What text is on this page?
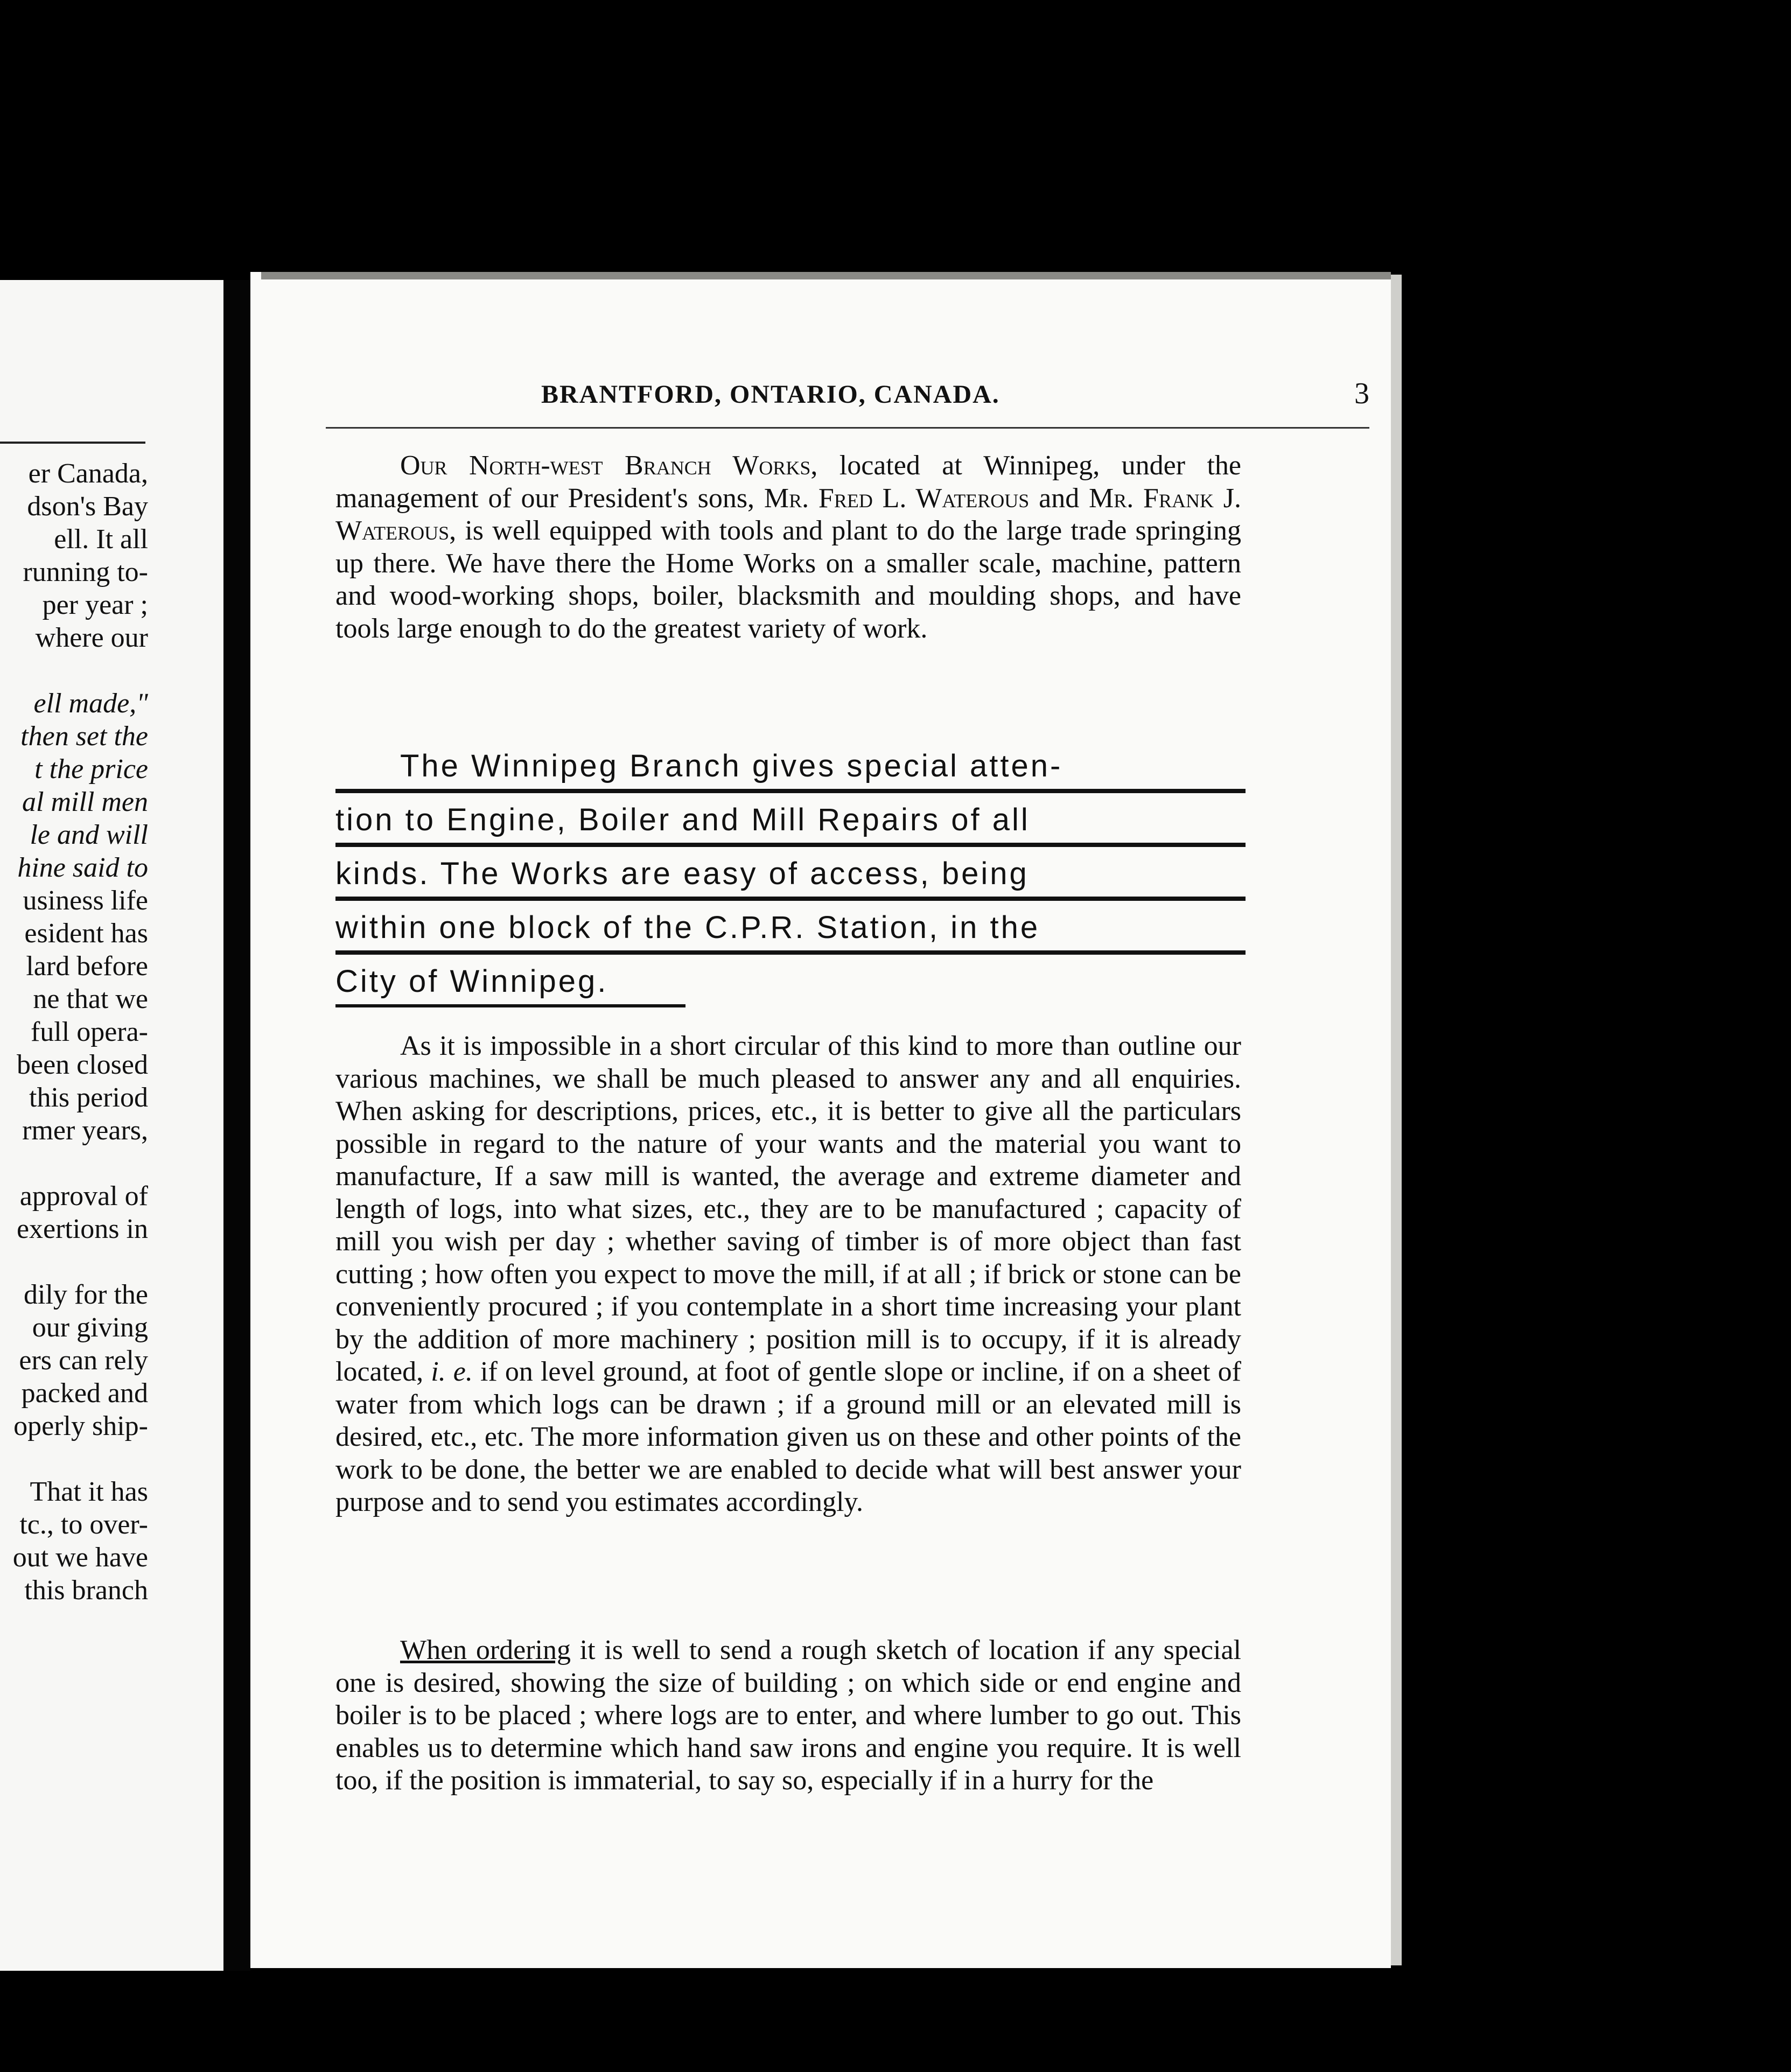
er Canada,
dson's Bay
ell. It all
running to-
per year ;
where our
ell made,"
then set the
t the price
al mill men
le and will
hine said to
usiness life
esident has
lard before
ne that we
full opera-
been closed
this period
rmer years,
approval of
exertions in
dily for the
our giving
ers can rely
packed and
operly ship-
That it has
tc., to over-
out we have
this branch
BRANTFORD, ONTARIO, CANADA.	3

Our North-west Branch Works, located at Winnipeg, under the management of our President's sons, Mr. Fred L. Waterous and Mr. Frank J. Waterous, is well equipped with tools and plant to do the large trade springing up there. We have there the Home Works on a smaller scale, machine, pattern and wood-working shops, boiler, blacksmith and moulding shops, and have tools large enough to do the greatest variety of work.

The Winnipeg Branch gives special atten-
tion to Engine, Boiler and Mill Repairs of all
kinds. The Works are easy of access, being
within one block of the C.P.R. Station, in the
City of Winnipeg.

As it is impossible in a short circular of this kind to more than outline our various machines, we shall be much pleased to answer any and all enquiries. When asking for descriptions, prices, etc., it is better to give all the particulars possible in regard to the nature of your wants and the material you want to manufacture, If a saw mill is wanted, the average and extreme diameter and length of logs, into what sizes, etc., they are to be manufactured ; capacity of mill you wish per day ; whether saving of timber is of more object than fast cutting ; how often you expect to move the mill, if at all ; if brick or stone can be conveniently procured ; if you contemplate in a short time increasing your plant by the addition of more machinery ; position mill is to occupy, if it is already located, i. e. if on level ground, at foot of gentle slope or incline, if on a sheet of water from which logs can be drawn ; if a ground mill or an elevated mill is desired, etc., etc. The more information given us on these and other points of the work to be done, the better we are enabled to decide what will best answer your purpose and to send you estimates accordingly.

When ordering it is well to send a rough sketch of location if any special one is desired, showing the size of building ; on which side or end engine and boiler is to be placed ; where logs are to enter, and where lumber to go out. This enables us to determine which hand saw irons and engine you require. It is well too, if the position is immaterial, to say so, especially if in a hurry for the
